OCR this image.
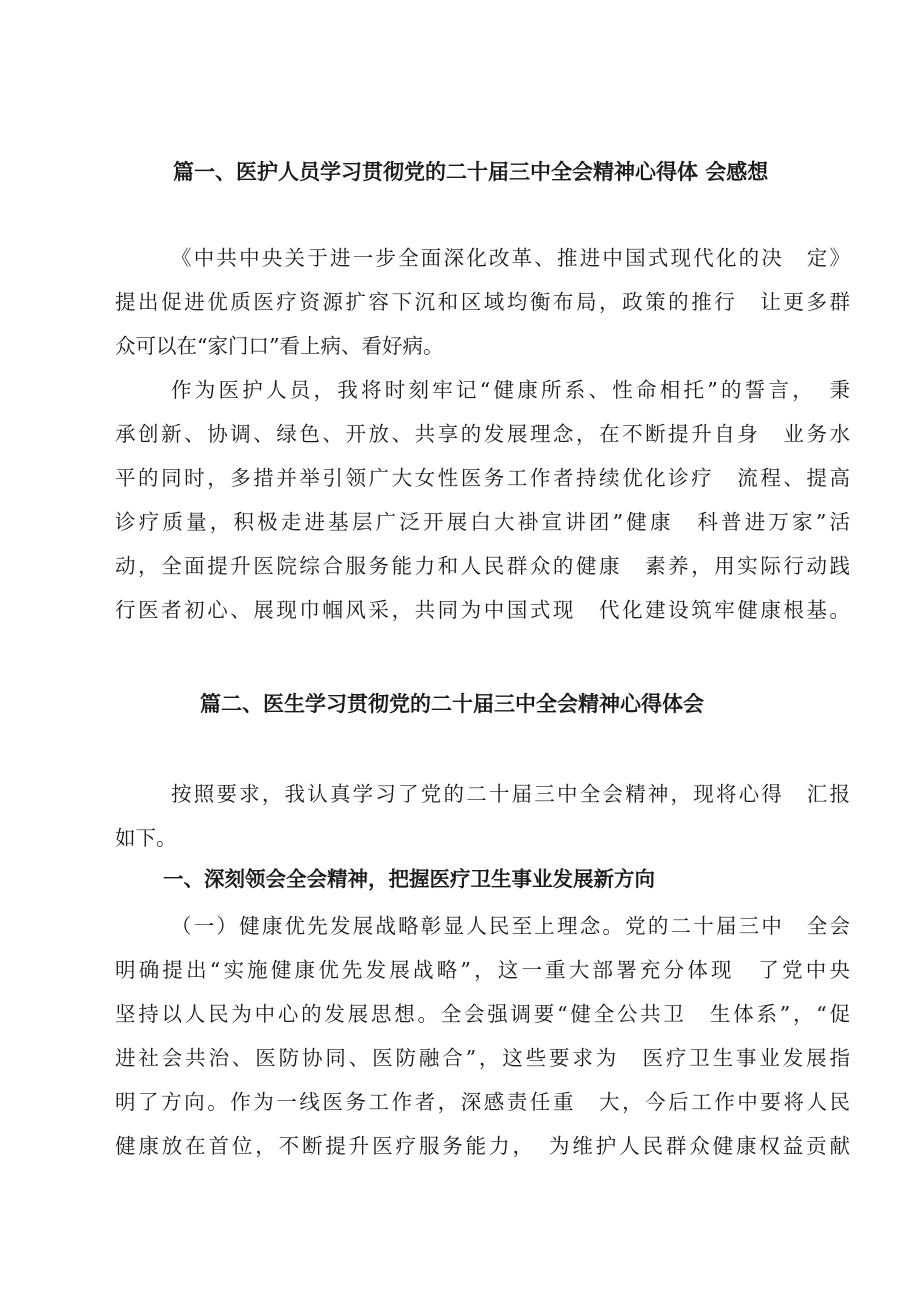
篇一、医护人员学习贯彻党的二十届三中全会精神心得体 会感想
《中共中央关于进一步全面深化改革、推进中国式现代化的决　定》
提出促进优质医疗资源扩容下沉和区域均衡布局，政策的推行　让更多群
众可以在“家门口”看上病、看好病。
作为医护人员，我将时刻牢记“健康所系、性命相托”的誓言，　秉
承创新、协调、绿色、开放、共享的发展理念，在不断提升自身　业务水
平的同时，多措并举引领广大女性医务工作者持续优化诊疗　流程、提高
诊疗质量，积极走进基层广泛开展白大褂宣讲团”健康　科普进万家”活
动，全面提升医院综合服务能力和人民群众的健康　素养，用实际行动践
行医者初心、展现巾帼风采，共同为中国式现　代化建设筑牢健康根基。
篇二、医生学习贯彻党的二十届三中全会精神心得体会
按照要求，我认真学习了党的二十届三中全会精神，现将心得　汇报
如下。
一、深刻领会全会精神，把握医疗卫生事业发展新方向
（一）健康优先发展战略彰显人民至上理念。党的二十届三中　全会
明确提出“实施健康优先发展战略”，这一重大部署充分体现　了党中央
坚持以人民为中心的发展思想。全会强调要“健全公共卫　生体系”，“促
进社会共治、医防协同、医防融合”，这些要求为　医疗卫生事业发展指
明了方向。作为一线医务工作者，深感责任重　大，今后工作中要将人民
健康放在首位，不断提升医疗服务能力，　为维护人民群众健康权益贡献
